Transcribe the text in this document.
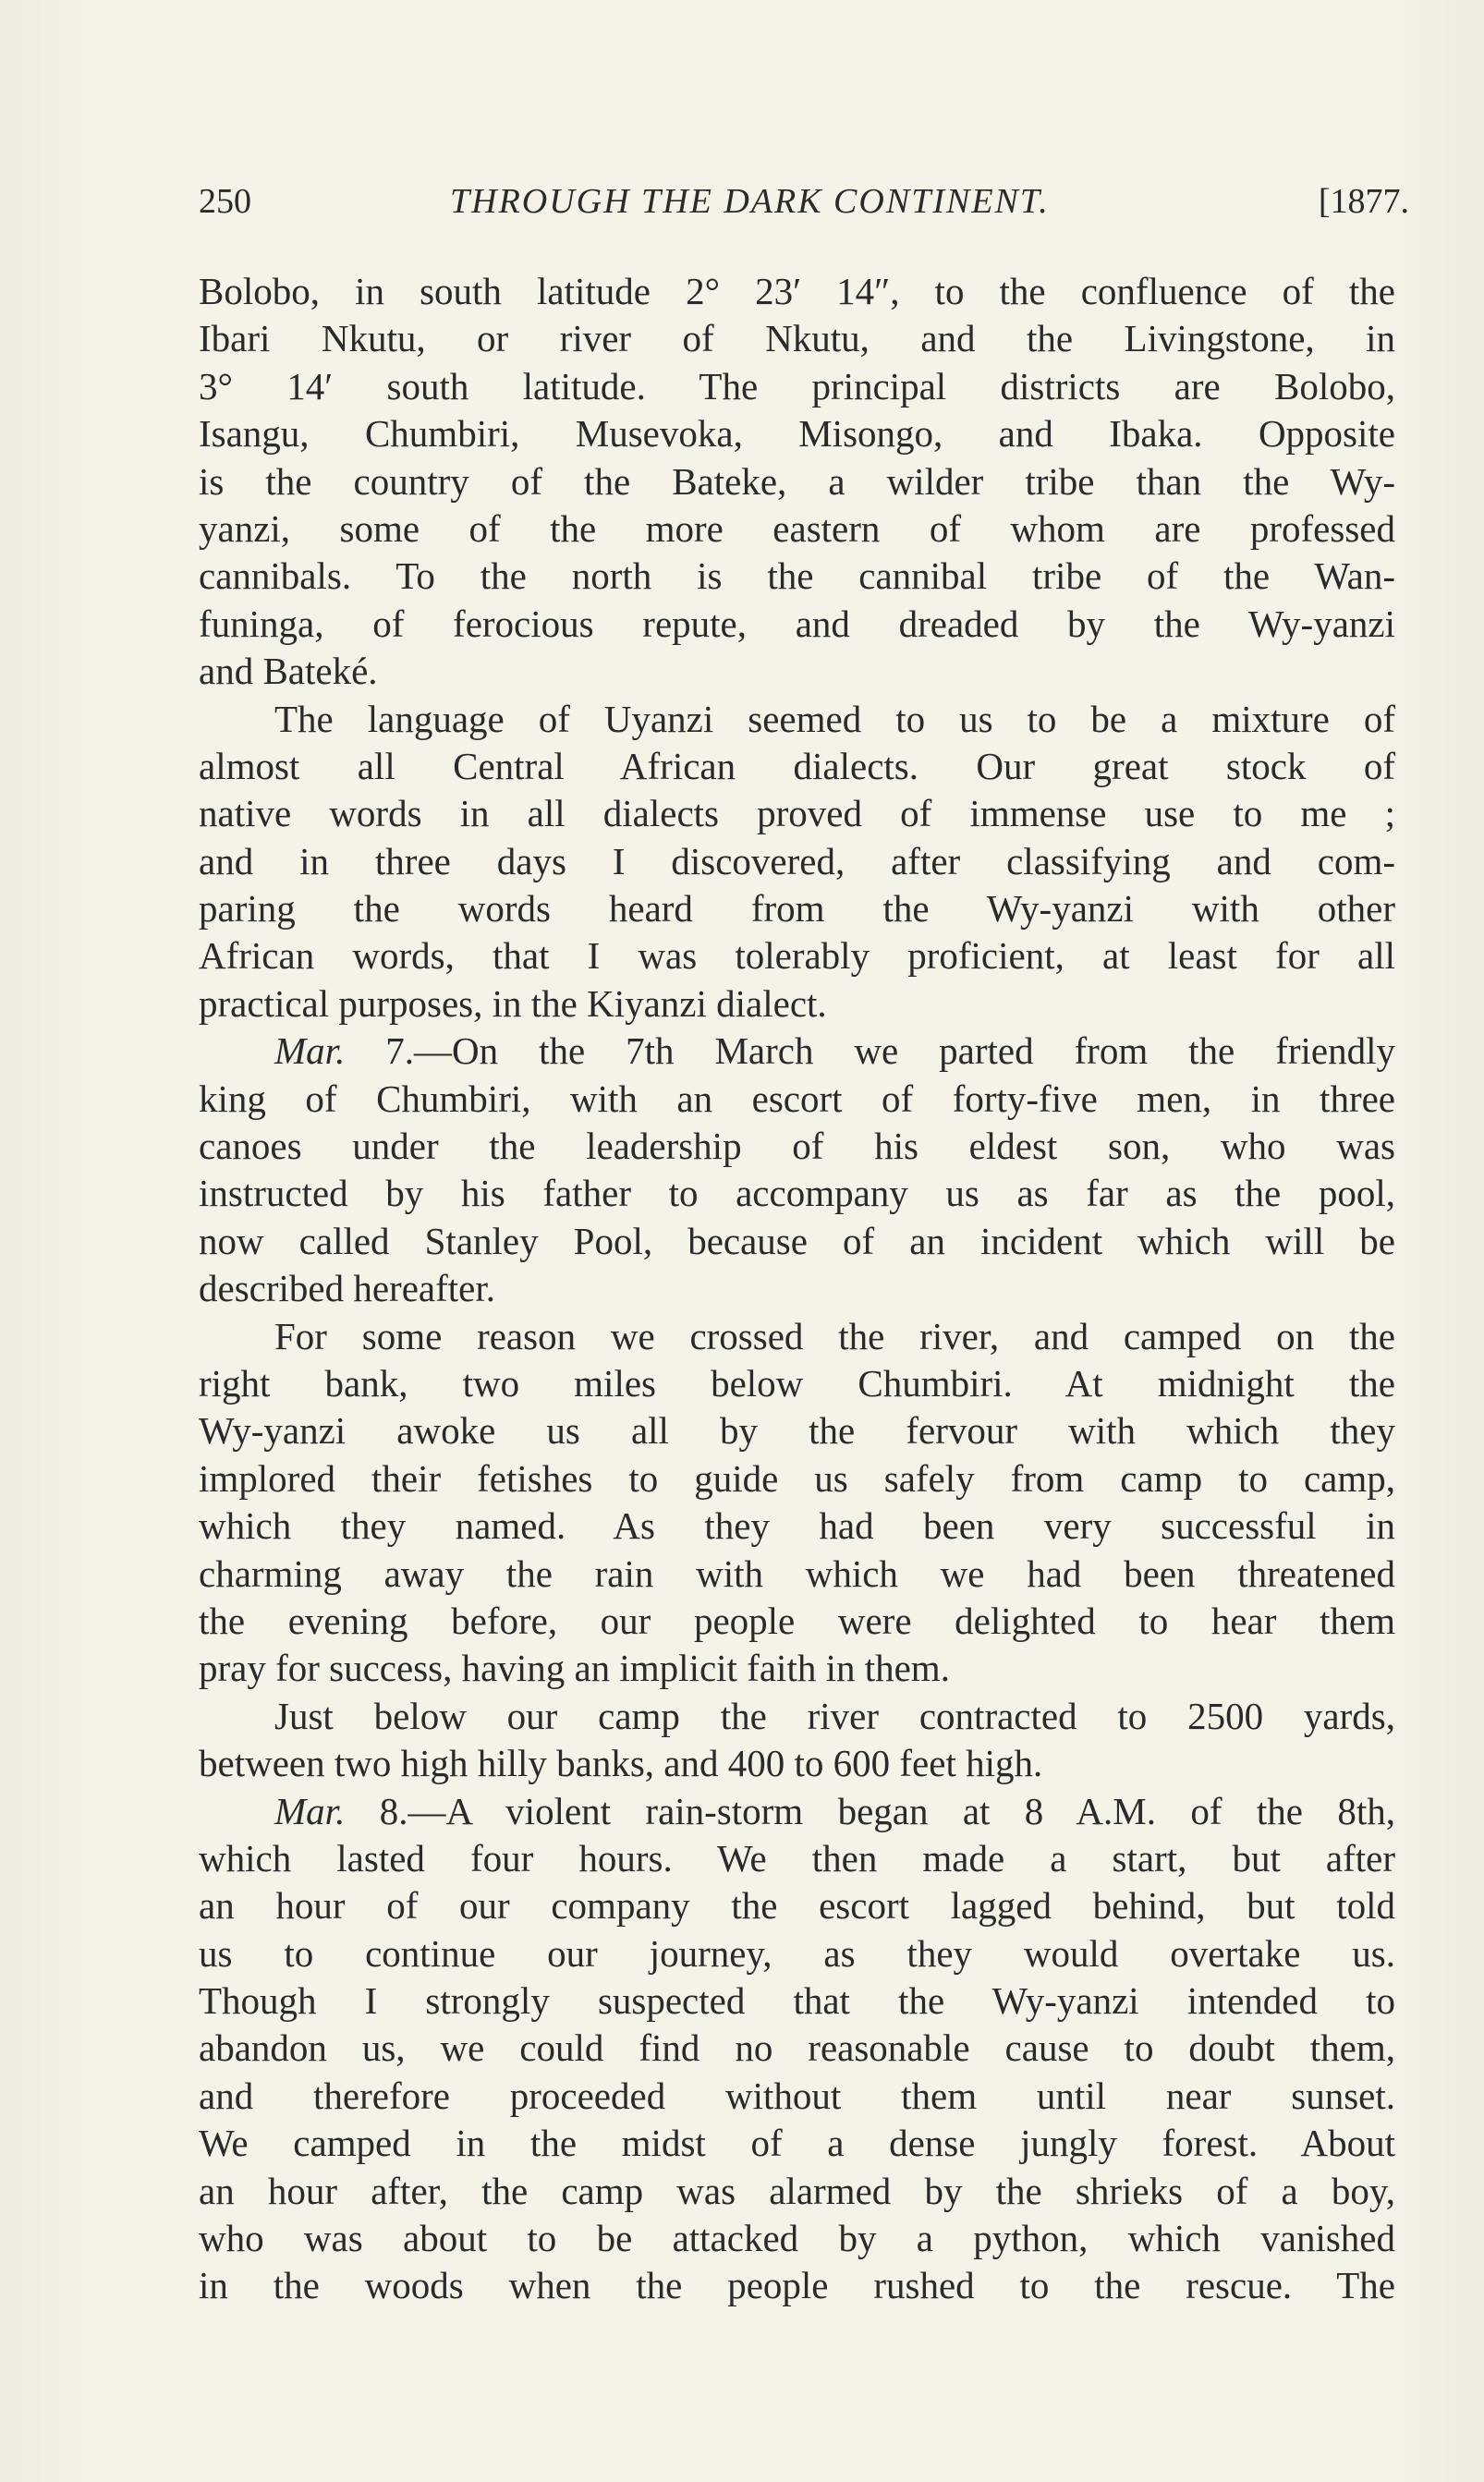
250	THROUGH THE DARK CONTINENT.	[1877.
Bolobo, in south latitude 2° 23′ 14″, to the confluence of the
Ibari Nkutu, or river of Nkutu, and the Livingstone, in
3° 14′ south latitude. The principal districts are Bolobo,
Isangu, Chumbiri, Musevoka, Misongo, and Ibaka. Opposite
is the country of the Bateke, a wilder tribe than the Wy-
yanzi, some of the more eastern of whom are professed
cannibals. To the north is the cannibal tribe of the Wan-
funinga, of ferocious repute, and dreaded by the Wy-yanzi
and Bateké.
The language of Uyanzi seemed to us to be a mixture of
almost all Central African dialects. Our great stock of
native words in all dialects proved of immense use to me ;
and in three days I discovered, after classifying and com-
paring the words heard from the Wy-yanzi with other
African words, that I was tolerably proficient, at least for all
practical purposes, in the Kiyanzi dialect.
Mar. 7.—On the 7th March we parted from the friendly
king of Chumbiri, with an escort of forty-five men, in three
canoes under the leadership of his eldest son, who was
instructed by his father to accompany us as far as the pool,
now called Stanley Pool, because of an incident which will be
described hereafter.
For some reason we crossed the river, and camped on the
right bank, two miles below Chumbiri. At midnight the
Wy-yanzi awoke us all by the fervour with which they
implored their fetishes to guide us safely from camp to camp,
which they named. As they had been very successful in
charming away the rain with which we had been threatened
the evening before, our people were delighted to hear them
pray for success, having an implicit faith in them.
Just below our camp the river contracted to 2500 yards,
between two high hilly banks, and 400 to 600 feet high.
Mar. 8.—A violent rain-storm began at 8 A.M. of the 8th,
which lasted four hours. We then made a start, but after
an hour of our company the escort lagged behind, but told
us to continue our journey, as they would overtake us.
Though I strongly suspected that the Wy-yanzi intended to
abandon us, we could find no reasonable cause to doubt them,
and therefore proceeded without them until near sunset.
We camped in the midst of a dense jungly forest. About
an hour after, the camp was alarmed by the shrieks of a boy,
who was about to be attacked by a python, which vanished
in the woods when the people rushed to the rescue. The
